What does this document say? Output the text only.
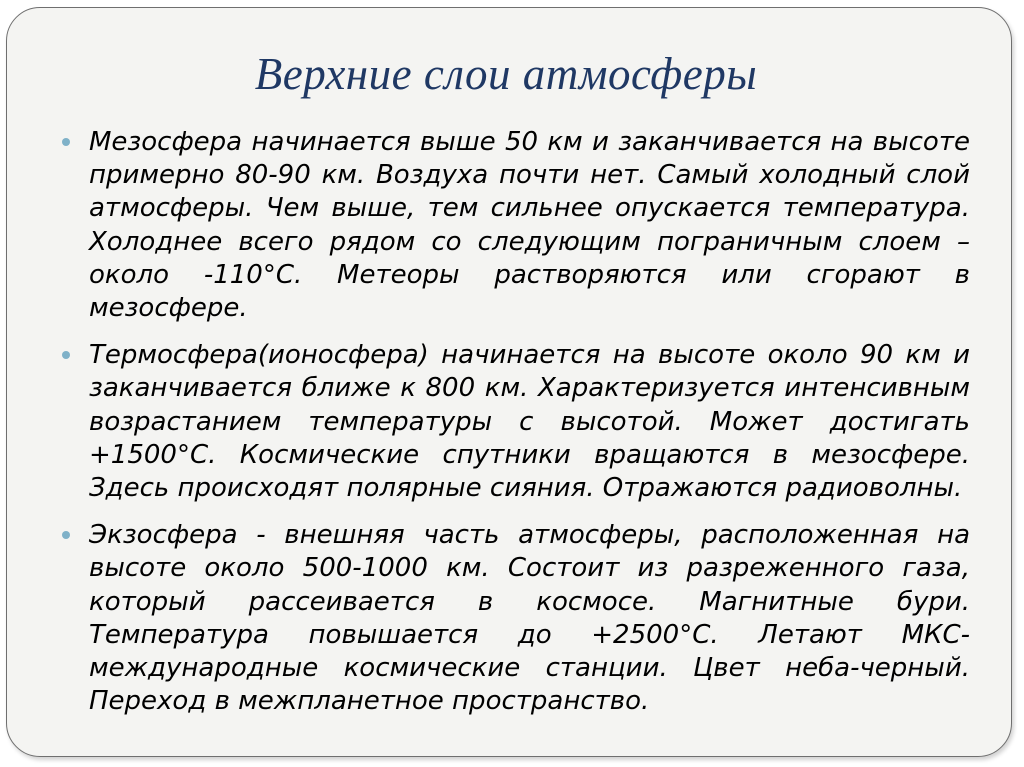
Верхние слои атмосферы
Мезосфера начинается выше 50 км и заканчивается на высоте примерно 80-90 км. Воздуха почти нет. Самый холодный слой атмосферы. Чем выше, тем сильнее опускается температура. Холоднее всего рядом со следующим пограничным слоем – около -110°С. Метеоры растворяются или сгорают в мезосфере.
Термосфера(ионосфера) начинается на высоте около 90 км и заканчивается ближе к 800 км. Характеризуется интенсивным возрастанием температуры с высотой. Может достигать +1500°С. Космические спутники вращаются в мезосфере. Здесь происходят полярные сияния. Отражаются радиоволны.
Экзосфера - внешняя часть атмосферы, расположенная на высоте около 500-1000 км. Состоит из разреженного газа, который рассеивается в космосе. Магнитные бури. Температура повышается до +2500°С. Летают МКС-международные космические станции. Цвет неба-черный. Переход в межпланетное пространство.
